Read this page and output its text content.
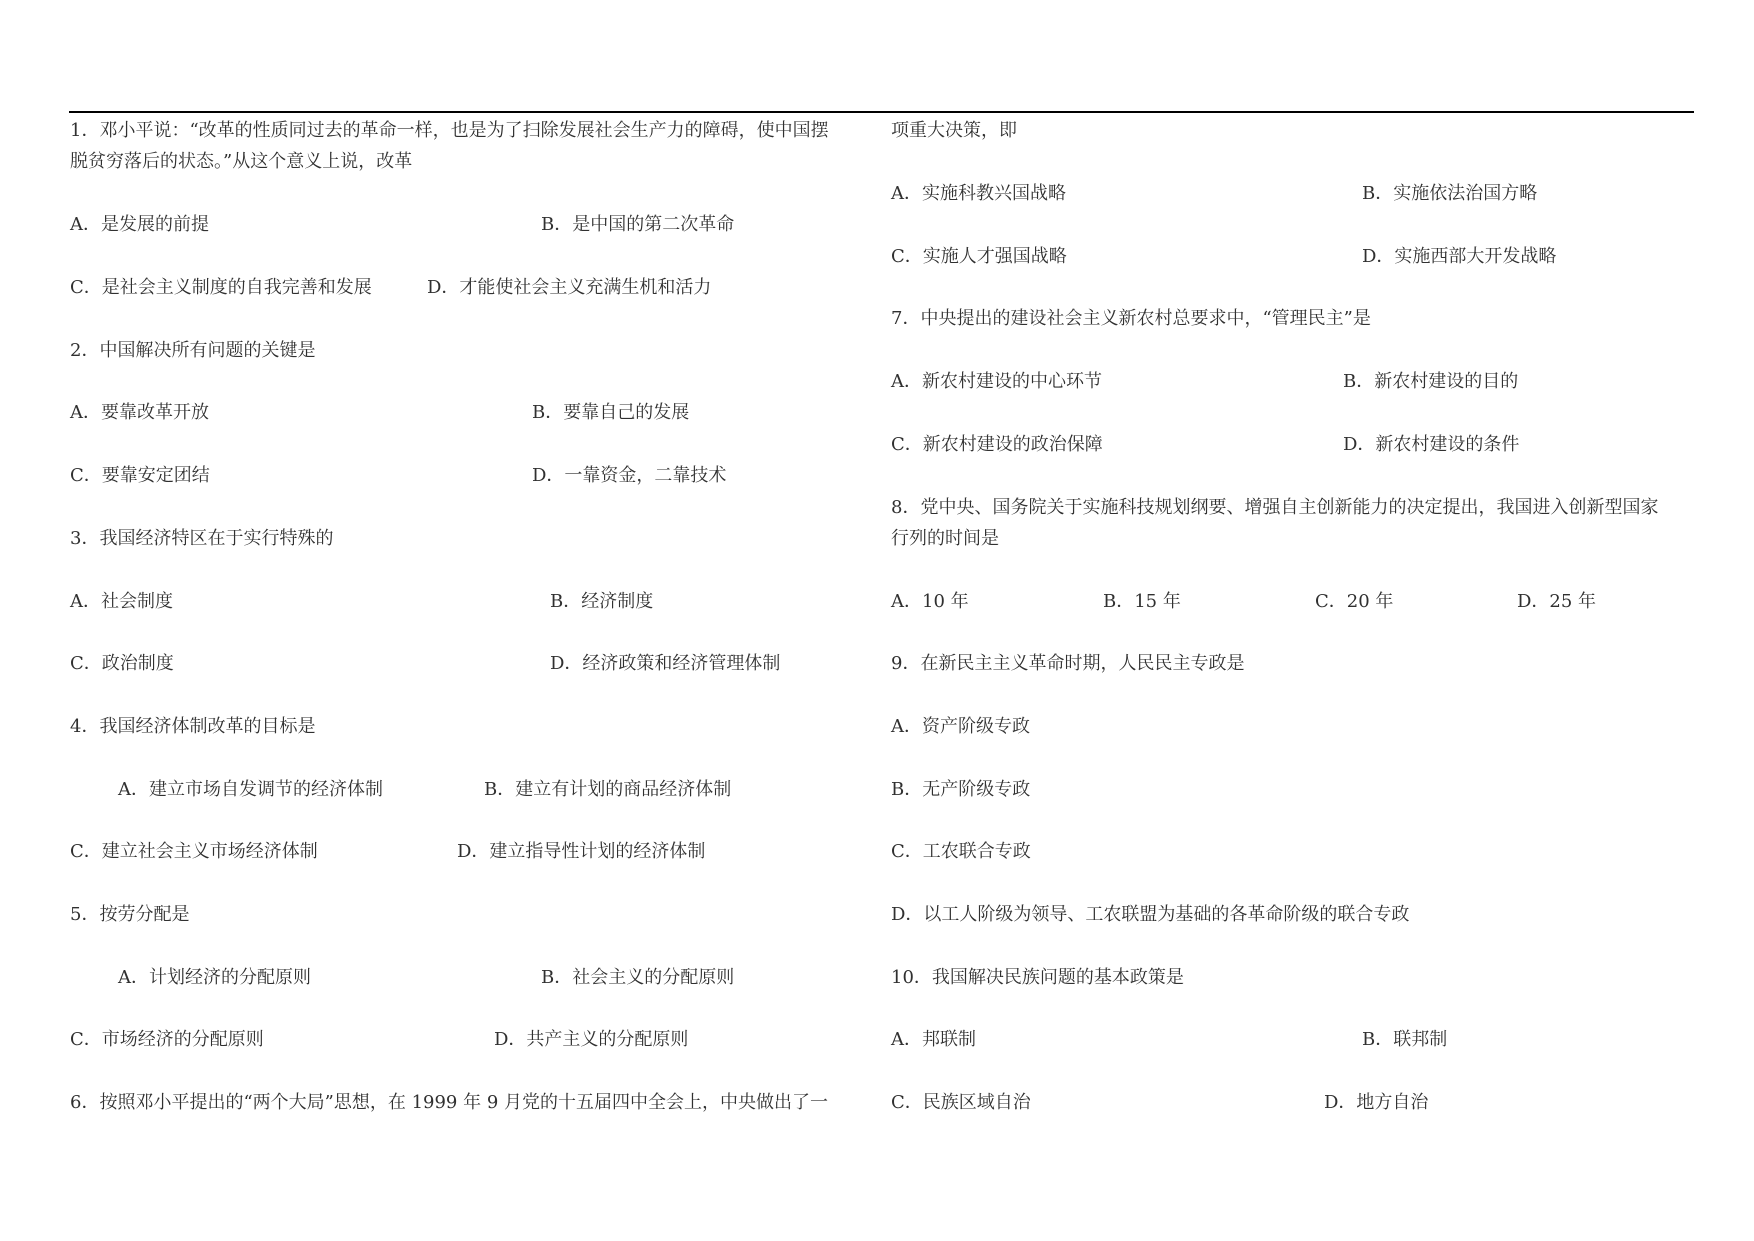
1．邓小平说：“改革的性质同过去的革命一样，也是为了扫除发展社会生产力的障碍，使中国摆
脱贫穷落后的状态。”从这个意义上说，改革
A．是发展的前提	B．是中国的第二次革命
C．是社会主义制度的自我完善和发展	D．才能使社会主义充满生机和活力
2．中国解决所有问题的关键是
A．要靠改革开放	B．要靠自己的发展
C．要靠安定团结	D．一靠资金，二靠技术
3．我国经济特区在于实行特殊的
A．社会制度	B．经济制度
C．政治制度	D．经济政策和经济管理体制
4．我国经济体制改革的目标是
A．建立市场自发调节的经济体制	B．建立有计划的商品经济体制
C．建立社会主义市场经济体制	D．建立指导性计划的经济体制
5．按劳分配是
A．计划经济的分配原则	B．社会主义的分配原则
C．市场经济的分配原则	D．共产主义的分配原则
6．按照邓小平提出的“两个大局”思想，在 1999 年 9 月党的十五届四中全会上，中央做出了一
项重大决策，即
A．实施科教兴国战略	B．实施依法治国方略
C．实施人才强国战略	D．实施西部大开发战略
7．中央提出的建设社会主义新农村总要求中，“管理民主”是
A．新农村建设的中心环节	B．新农村建设的目的
C．新农村建设的政治保障	D．新农村建设的条件
8．党中央、国务院关于实施科技规划纲要、增强自主创新能力的决定提出，我国进入创新型国家
行列的时间是
A．10 年	B．15 年	C．20 年	D．25 年
9．在新民主主义革命时期，人民民主专政是
A．资产阶级专政
B．无产阶级专政
C．工农联合专政
D．以工人阶级为领导、工农联盟为基础的各革命阶级的联合专政
10．我国解决民族问题的基本政策是
A．邦联制	B．联邦制
C．民族区域自治	D．地方自治
